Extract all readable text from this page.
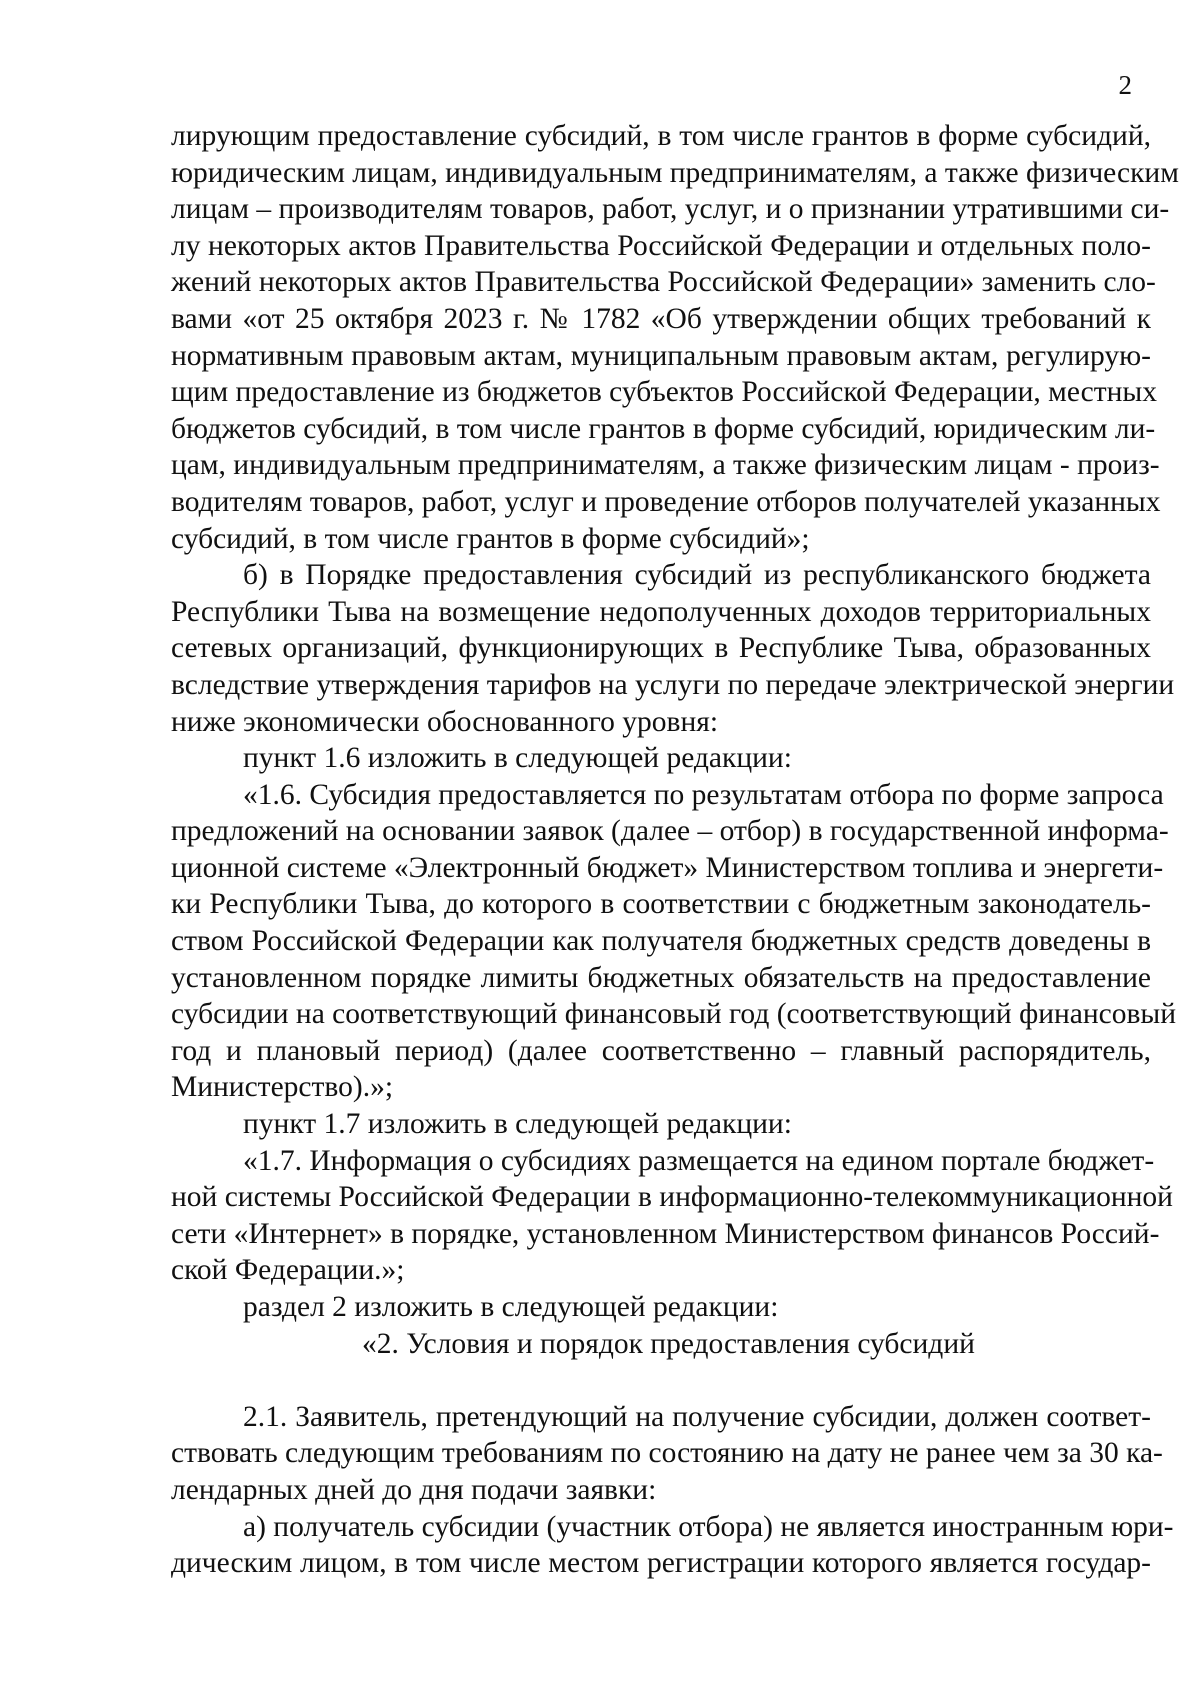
2
лирующим предоставление субсидий, в том числе грантов в форме субсидий,
юридическим лицам, индивидуальным предпринимателям, а также физическим
лицам – производителям товаров, работ, услуг, и о признании утратившими си-
лу некоторых актов Правительства Российской Федерации и отдельных поло-
жений некоторых актов Правительства Российской Федерации» заменить сло-
вами «от 25 октября 2023 г. № 1782 «Об утверждении общих требований к
нормативным правовым актам, муниципальным правовым актам, регулирую-
щим предоставление из бюджетов субъектов Российской Федерации, местных
бюджетов субсидий, в том числе грантов в форме субсидий, юридическим ли-
цам, индивидуальным предпринимателям, а также физическим лицам - произ-
водителям товаров, работ, услуг и проведение отборов получателей указанных
субсидий, в том числе грантов в форме субсидий»;
б) в Порядке предоставления субсидий из республиканского бюджета
Республики Тыва на возмещение недополученных доходов территориальных
сетевых организаций, функционирующих в Республике Тыва, образованных
вследствие утверждения тарифов на услуги по передаче электрической энергии
ниже экономически обоснованного уровня:
пункт 1.6 изложить в следующей редакции:
«1.6. Субсидия предоставляется по результатам отбора по форме запроса
предложений на основании заявок (далее – отбор) в государственной информа-
ционной системе «Электронный бюджет» Министерством топлива и энергети-
ки Республики Тыва, до которого в соответствии с бюджетным законодатель-
ством Российской Федерации как получателя бюджетных средств доведены в
установленном порядке лимиты бюджетных обязательств на предоставление
субсидии на соответствующий финансовый год (соответствующий финансовый
год и плановый период) (далее соответственно – главный распорядитель,
Министерство).»;
пункт 1.7 изложить в следующей редакции:
«1.7. Информация о субсидиях размещается на едином портале бюджет-
ной системы Российской Федерации в информационно-телекоммуникационной
сети «Интернет» в порядке, установленном Министерством финансов Россий-
ской Федерации.»;
раздел 2 изложить в следующей редакции:
«2. Условия и порядок предоставления субсидий
2.1. Заявитель, претендующий на получение субсидии, должен соответ-
ствовать следующим требованиям по состоянию на дату не ранее чем за 30 ка-
лендарных дней до дня подачи заявки:
а) получатель субсидии (участник отбора) не является иностранным юри-
дическим лицом, в том числе местом регистрации которого является государ-
